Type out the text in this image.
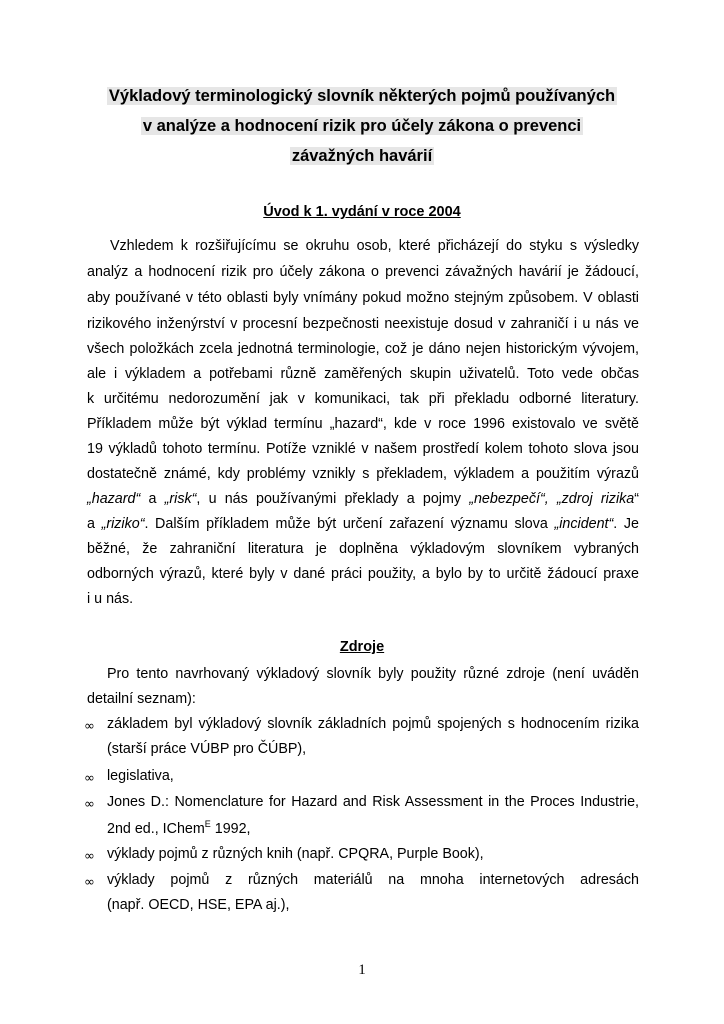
Výkladový terminologický slovník některých pojmů používaných
v analýze a hodnocení rizik pro účely zákona o prevenci
závažných havárií
Úvod k 1. vydání v roce 2004
Vzhledem k rozšiřujícímu se okruhu osob, které přicházejí do styku s výsledky
analýz a hodnocení rizik pro účely zákona o prevenci závažných havárií je žádoucí,
aby používané v této oblasti byly vnímány pokud možno stejným způsobem. V oblasti
rizikového inženýrství v procesní bezpečnosti neexistuje dosud v zahraničí i u nás ve
všech položkách zcela jednotná terminologie, což je dáno nejen historickým vývojem,
ale i výkladem a potřebami různě zaměřených skupin uživatelů. Toto vede občas
k určitému nedorozumění jak v komunikaci, tak při překladu odborné literatury.
Příkladem může být výklad termínu „hazard“, kde v roce 1996 existovalo ve světě
19 výkladů tohoto termínu. Potíže vzniklé v našem prostředí kolem tohoto slova jsou
dostatečně známé, kdy problémy vznikly s překladem, výkladem a použitím výrazů
„hazard“ a „risk“, u nás používanými překlady a pojmy „nebezpečí“, „zdroj rizika“
a „riziko“. Dalším příkladem může být určení zařazení významu slova „incident“. Je
běžné, že zahraniční literatura je doplněna výkladovým slovníkem vybraných
odborných výrazů, které byly v dané práci použity, a bylo by to určitě žádoucí praxe
i u nás.
Zdroje
Pro tento navrhovaný výkladový slovník byly použity různé zdroje (není uváděn
detailní seznam):
∞ základem byl výkladový slovník základních pojmů spojených s hodnocením rizika
(starší práce VÚBP pro ČÚBP),
∞ legislativa,
∞ Jones D.: Nomenclature for Hazard and Risk Assessment in the Proces Industrie,
2nd ed., IChem$^E$ 1992,
∞ výklady pojmů z různých knih (např. CPQRA, Purple Book),
∞ výklady pojmů z různých materiálů na mnoha internetových adresách
(např. OECD, HSE, EPA aj.),
1
